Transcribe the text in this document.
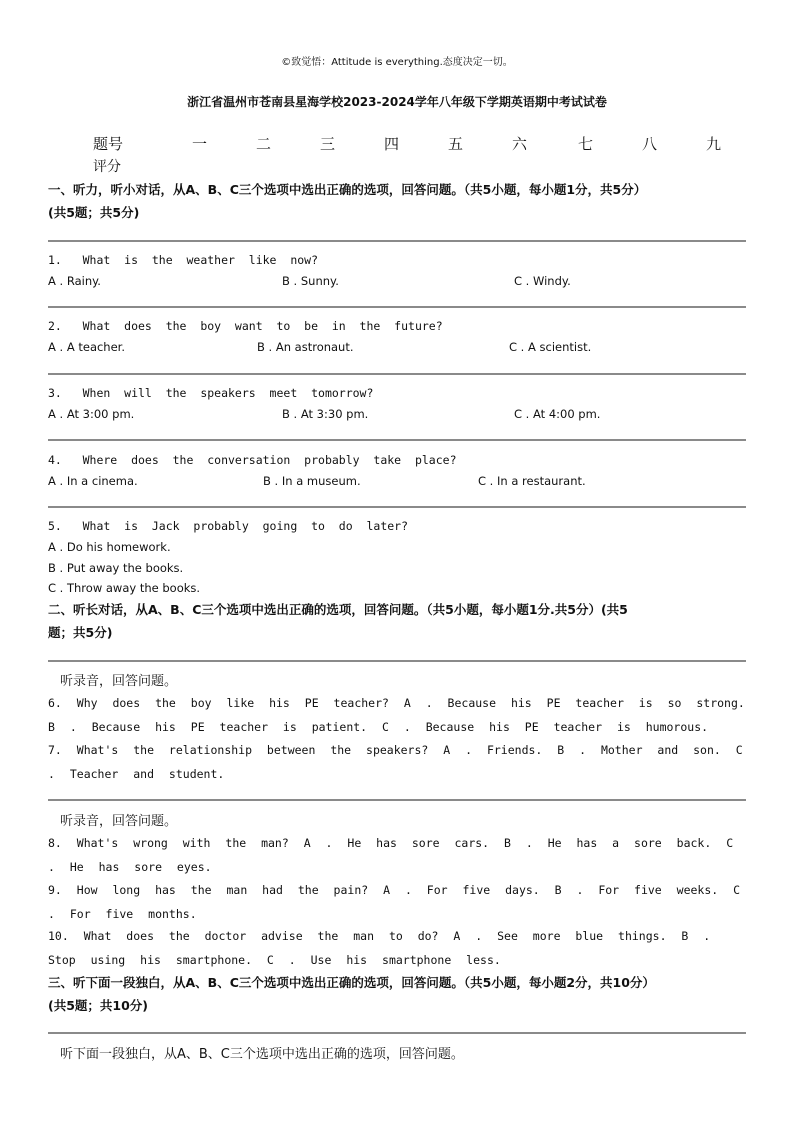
©致觉悟：Attitude is everything.态度决定一切。
浙江省温州市苍南县星海学校2023-2024学年八年级下学期英语期中考试试卷
题号	一	二	三	四	五	六	七	八	九
评分
一、听力，听小对话，从A、B、C三个选项中选出正确的选项，回答问题。（共5小题，每小题1分，共5分）
(共5题；共5分)
1.   What  is  the  weather  like  now?
A . Rainy.	B . Sunny.	C . Windy.
2.   What  does  the  boy  want  to  be  in  the  future?
A . A teacher.	B . An astronaut.	C . A scientist.
3.   When  will  the  speakers  meet  tomorrow?
A . At 3:00 pm.	B . At 3:30 pm.	C . At 4:00 pm.
4.   Where  does  the  conversation  probably  take  place?
A . In a cinema.	B . In a museum.	C . In a restaurant.
5.   What  is  Jack  probably  going  to  do  later?
A . Do his homework.
B . Put away the books.
C . Throw away the books.
二、听长对话，从A、B、C三个选项中选出正确的选项，回答问题。（共5小题，每小题1分.共5分）(共5
题；共5分)
听录音，回答问题。
6. Why does the boy like his PE teacher? A . Because his PE teacher is so strong. B . Because his PE teacher is patient. C . Because his PE teacher is humorous.
7. What's the relationship between the speakers? A . Friends. B . Mother and son. C . Teacher and student.
听录音，回答问题。
8. What's wrong with the man? A . He has sore cars. B . He has a sore back. C . He has sore eyes.
9. How long has the man had the pain? A . For five days. B . For five weeks. C . For five months.
10. What does the doctor advise the man to do? A . See more blue things. B . Stop using his smartphone. C . Use his smartphone less.
三、听下面一段独白，从A、B、C三个选项中选出正确的选项，回答问题。（共5小题，每小题2分，共10分）
(共5题；共10分)
听下面一段独白，从A、B、C三个选项中选出正确的选项，回答问题。
